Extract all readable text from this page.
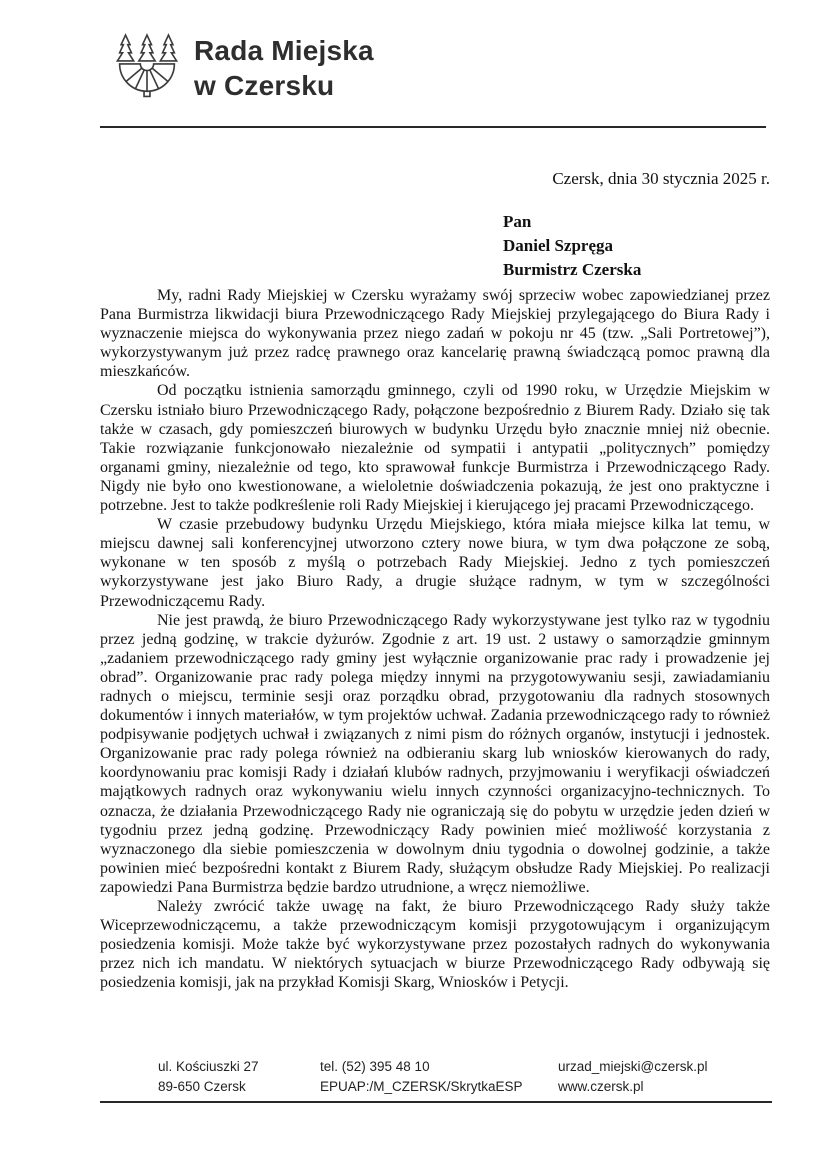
Rada Miejska
w Czersku
Czersk, dnia 30 stycznia 2025 r.
Pan
Daniel Szpręga
Burmistrz Czerska

My, radni Rady Miejskiej w Czersku wyrażamy swój sprzeciw wobec zapowiedzianej przez Pana Burmistrza likwidacji biura Przewodniczącego Rady Miejskiej przylegającego do Biura Rady i wyznaczenie miejsca do wykonywania przez niego zadań w pokoju nr 45 (tzw. „Sali Portretowej”), wykorzystywanym już przez radcę prawnego oraz kancelarię prawną świadczącą pomoc prawną dla mieszkańców.

Od początku istnienia samorządu gminnego, czyli od 1990 roku, w Urzędzie Miejskim w Czersku istniało biuro Przewodniczącego Rady, połączone bezpośrednio z Biurem Rady. Działo się tak także w czasach, gdy pomieszczeń biurowych w budynku Urzędu było znacznie mniej niż obecnie. Takie rozwiązanie funkcjonowało niezależnie od sympatii i antypatii „politycznych” pomiędzy organami gminy, niezależnie od tego, kto sprawował funkcje Burmistrza i Przewodniczącego Rady. Nigdy nie było ono kwestionowane, a wieloletnie doświadczenia pokazują, że jest ono praktyczne i potrzebne. Jest to także podkreślenie roli Rady Miejskiej i kierującego jej pracami Przewodniczącego.

W czasie przebudowy budynku Urzędu Miejskiego, która miała miejsce kilka lat temu, w miejscu dawnej sali konferencyjnej utworzono cztery nowe biura, w tym dwa połączone ze sobą, wykonane w ten sposób z myślą o potrzebach Rady Miejskiej. Jedno z tych pomieszczeń wykorzystywane jest jako Biuro Rady, a drugie służące radnym, w tym w szczególności Przewodniczącemu Rady.

Nie jest prawdą, że biuro Przewodniczącego Rady wykorzystywane jest tylko raz w tygodniu przez jedną godzinę, w trakcie dyżurów. Zgodnie z art. 19 ust. 2 ustawy o samorządzie gminnym „zadaniem przewodniczącego rady gminy jest wyłącznie organizowanie prac rady i prowadzenie jej obrad”. Organizowanie prac rady polega między innymi na przygotowywaniu sesji, zawiadamianiu radnych o miejscu, terminie sesji oraz porządku obrad, przygotowaniu dla radnych stosownych dokumentów i innych materiałów, w tym projektów uchwał. Zadania przewodniczącego rady to również podpisywanie podjętych uchwał i związanych z nimi pism do różnych organów, instytucji i jednostek. Organizowanie prac rady polega również na odbieraniu skarg lub wniosków kierowanych do rady, koordynowaniu prac komisji Rady i działań klubów radnych, przyjmowaniu i weryfikacji oświadczeń majątkowych radnych oraz wykonywaniu wielu innych czynności organizacyjno-technicznych. To oznacza, że działania Przewodniczącego Rady nie ograniczają się do pobytu w urzędzie jeden dzień w tygodniu przez jedną godzinę. Przewodniczący Rady powinien mieć możliwość korzystania z wyznaczonego dla siebie pomieszczenia w dowolnym dniu tygodnia o dowolnej godzinie, a także powinien mieć bezpośredni kontakt z Biurem Rady, służącym obsłudze Rady Miejskiej. Po realizacji zapowiedzi Pana Burmistrza będzie bardzo utrudnione, a wręcz niemożliwe.

Należy zwrócić także uwagę na fakt, że biuro Przewodniczącego Rady służy także Wiceprzewodniczącemu, a także przewodniczącym komisji przygotowującym i organizującym posiedzenia komisji. Może także być wykorzystywane przez pozostałych radnych do wykonywania przez nich ich mandatu. W niektórych sytuacjach w biurze Przewodniczącego Rady odbywają się posiedzenia komisji, jak na przykład Komisji Skarg, Wniosków i Petycji.

ul. Kościuszki 27
89-650 Czersk
tel. (52) 395 48 10
EPUAP:/M_CZERSK/SkrytkaESP
urzad_miejski@czersk.pl
www.czersk.pl
